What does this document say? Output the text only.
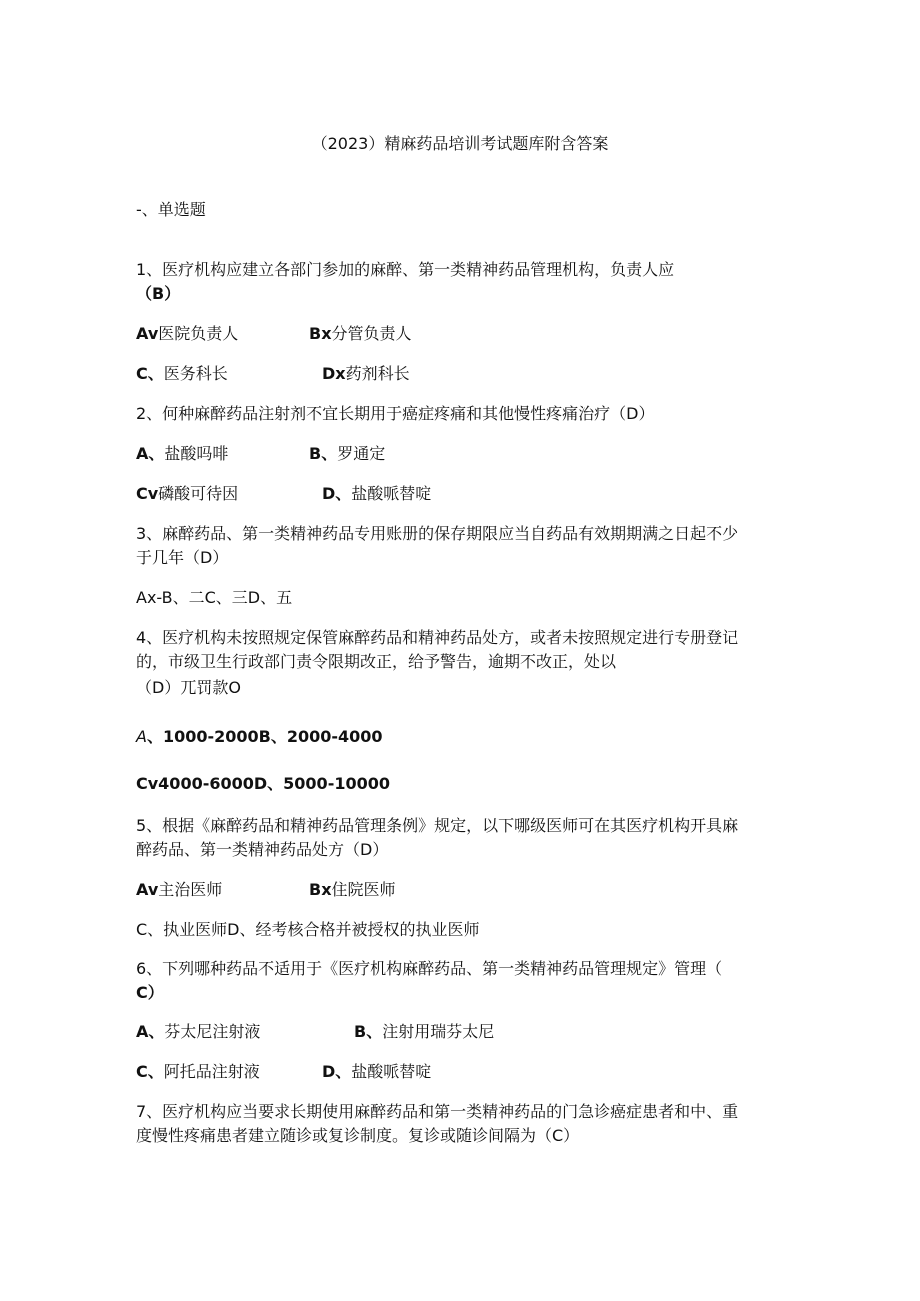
（2023）精麻药品培训考试题库附含答案
-、单选题
1、医疗机构应建立各部门参加的麻醉、第一类精神药品管理机构，负责人应
（B）
Av医院负责人	Bx分管负责人
C、医务科长	Dx药剂科长
2、何种麻醉药品注射剂不宜长期用于癌症疼痛和其他慢性疼痛治疗（D）
A、盐酸吗啡	B、罗通定
Cv磷酸可待因	D、盐酸哌替啶
3、麻醉药品、第一类精神药品专用账册的保存期限应当自药品有效期期满之日起不少
于几年（D）
Ax-B、二C、三D、五
4、医疗机构未按照规定保管麻醉药品和精神药品处方，或者未按照规定进行专册登记
的，市级卫生行政部门责令限期改正，给予警告，逾期不改正，处以
（D）兀罚款O
A、1000-2000B、2000-4000
Cv4000-6000D、5000-10000
5、根据《麻醉药品和精神药品管理条例》规定，以下哪级医师可在其医疗机构开具麻
醉药品、第一类精神药品处方（D）
Av主治医师	Bx住院医师
C、执业医师D、经考核合格并被授权的执业医师
6、下列哪种药品不适用于《医疗机构麻醉药品、第一类精神药品管理规定》管理（
C）
A、芬太尼注射液	B、注射用瑞芬太尼
C、阿托品注射液	D、盐酸哌替啶
7、医疗机构应当要求长期使用麻醉药品和第一类精神药品的门急诊癌症患者和中、重
度慢性疼痛患者建立随诊或复诊制度。复诊或随诊间隔为（C）
